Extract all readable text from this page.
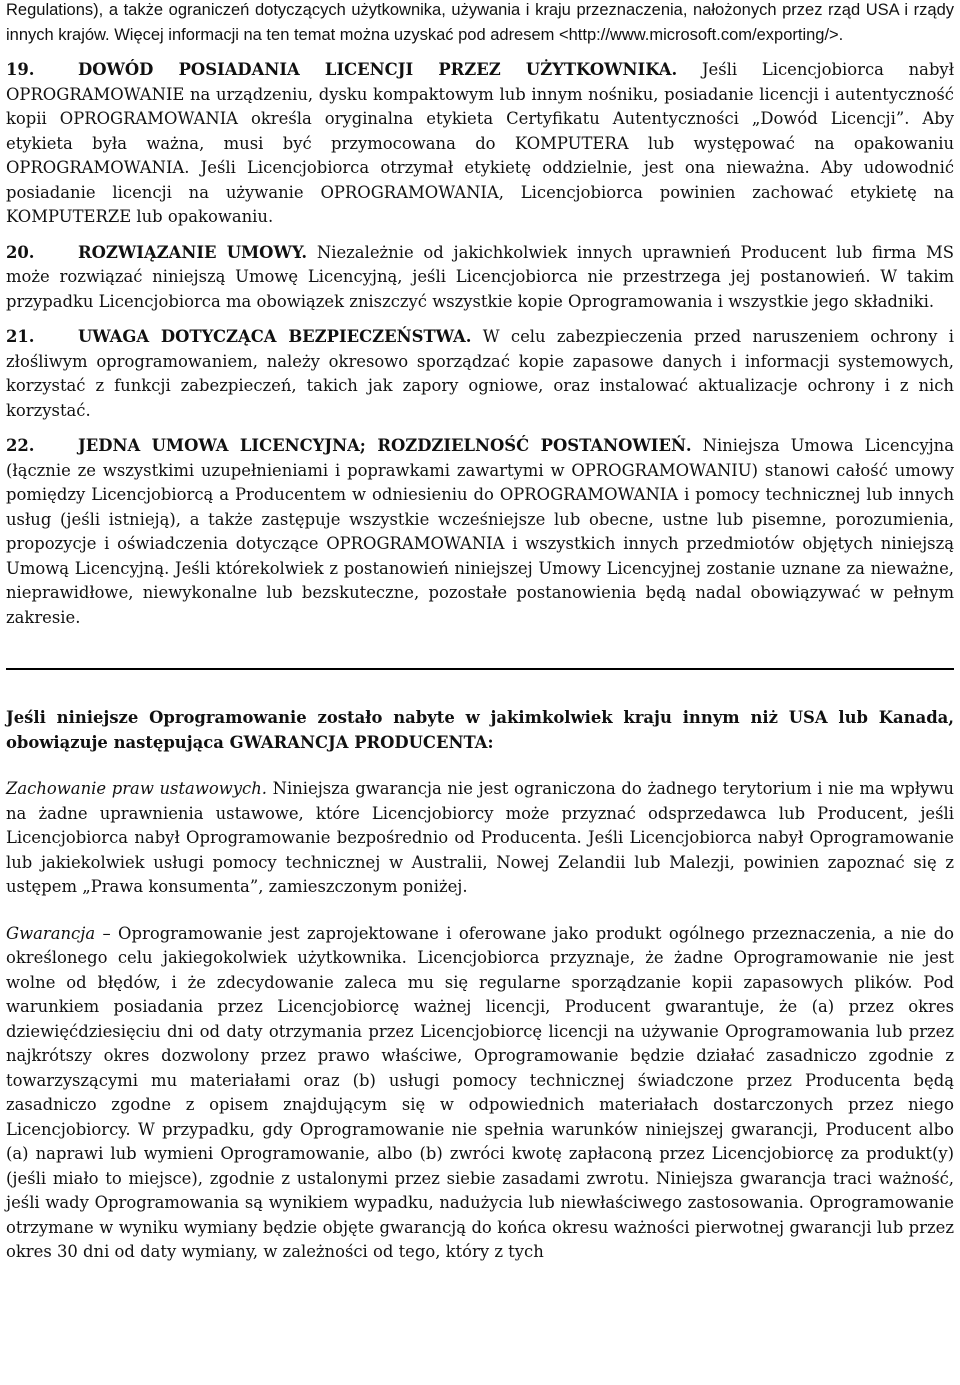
Regulations), a także ograniczeń dotyczących użytkownika, używania i kraju przeznaczenia, nałożonych przez rząd USA i rządy innych krajów. Więcej informacji na ten temat można uzyskać pod adresem <http://www.microsoft.com/exporting/>.

19.	DOWÓD POSIADANIA LICENCJI PRZEZ UŻYTKOWNIKA. Jeśli Licencjobiorca nabył OPROGRAMOWANIE na urządzeniu, dysku kompaktowym lub innym nośniku, posiadanie licencji i autentyczność kopii OPROGRAMOWANIA określa oryginalna etykieta Certyfikatu Autentyczności „Dowód Licencji”. Aby etykieta była ważna, musi być przymocowana do KOMPUTERA lub występować na opakowaniu OPROGRAMOWANIA. Jeśli Licencjobiorca otrzymał etykietę oddzielnie, jest ona nieważna. Aby udowodnić posiadanie licencji na używanie OPROGRAMOWANIA, Licencjobiorca powinien zachować etykietę na KOMPUTERZE lub opakowaniu.

20.	ROZWIĄZANIE UMOWY. Niezależnie od jakichkolwiek innych uprawnień Producent lub firma MS może rozwiązać niniejszą Umowę Licencyjną, jeśli Licencjobiorca nie przestrzega jej postanowień. W takim przypadku Licencjobiorca ma obowiązek zniszczyć wszystkie kopie Oprogramowania i wszystkie jego składniki.

21.	UWAGA DOTYCZĄCA BEZPIECZEŃSTWA. W celu zabezpieczenia przed naruszeniem ochrony i złośliwym oprogramowaniem, należy okresowo sporządzać kopie zapasowe danych i informacji systemowych, korzystać z funkcji zabezpieczeń, takich jak zapory ogniowe, oraz instalować aktualizacje ochrony i z nich korzystać.

22.	JEDNA UMOWA LICENCYJNA; ROZDZIELNOŚĆ POSTANOWIEŃ. Niniejsza Umowa Licencyjna (łącznie ze wszystkimi uzupełnieniami i poprawkami zawartymi w OPROGRAMOWANIU) stanowi całość umowy pomiędzy Licencjobiorcą a Producentem w odniesieniu do OPROGRAMOWANIA i pomocy technicznej lub innych usług (jeśli istnieją), a także zastępuje wszystkie wcześniejsze lub obecne, ustne lub pisemne, porozumienia, propozycje i oświadczenia dotyczące OPROGRAMOWANIA i wszystkich innych przedmiotów objętych niniejszą Umową Licencyjną. Jeśli którekolwiek z postanowień niniejszej Umowy Licencyjnej zostanie uznane za nieważne, nieprawidłowe, niewykonalne lub bezskuteczne, pozostałe postanowienia będą nadal obowiązywać w pełnym zakresie.

Jeśli niniejsze Oprogramowanie zostało nabyte w jakimkolwiek kraju innym niż USA lub Kanada, obowiązuje następująca GWARANCJA PRODUCENTA:

Zachowanie praw ustawowych. Niniejsza gwarancja nie jest ograniczona do żadnego terytorium i nie ma wpływu na żadne uprawnienia ustawowe, które Licencjobiorcy może przyznać odsprzedawca lub Producent, jeśli Licencjobiorca nabył Oprogramowanie bezpośrednio od Producenta. Jeśli Licencjobiorca nabył Oprogramowanie lub jakiekolwiek usługi pomocy technicznej w Australii, Nowej Zelandii lub Malezji, powinien zapoznać się z ustępem „Prawa konsumenta”, zamieszczonym poniżej.

Gwarancja – Oprogramowanie jest zaprojektowane i oferowane jako produkt ogólnego przeznaczenia, a nie do określonego celu jakiegokolwiek użytkownika. Licencjobiorca przyznaje, że żadne Oprogramowanie nie jest wolne od błędów, i że zdecydowanie zaleca mu się regularne sporządzanie kopii zapasowych plików. Pod warunkiem posiadania przez Licencjobiorcę ważnej licencji, Producent gwarantuje, że (a) przez okres dziewięćdziesięciu dni od daty otrzymania przez Licencjobiorcę licencji na używanie Oprogramowania lub przez najkrótszy okres dozwolony przez prawo właściwe, Oprogramowanie będzie działać zasadniczo zgodnie z towarzyszącymi mu materiałami oraz (b) usługi pomocy technicznej świadczone przez Producenta będą zasadniczo zgodne z opisem znajdującym się w odpowiednich materiałach dostarczonych przez niego Licencjobiorcy. W przypadku, gdy Oprogramowanie nie spełnia warunków niniejszej gwarancji, Producent albo (a) naprawi lub wymieni Oprogramowanie, albo (b) zwróci kwotę zapłaconą przez Licencjobiorcę za produkt(y) (jeśli miało to miejsce), zgodnie z ustalonymi przez siebie zasadami zwrotu. Niniejsza gwarancja traci ważność, jeśli wady Oprogramowania są wynikiem wypadku, nadużycia lub niewłaściwego zastosowania. Oprogramowanie otrzymane w wyniku wymiany będzie objęte gwarancją do końca okresu ważności pierwotnej gwarancji lub przez okres 30 dni od daty wymiany, w zależności od tego, który z tych
